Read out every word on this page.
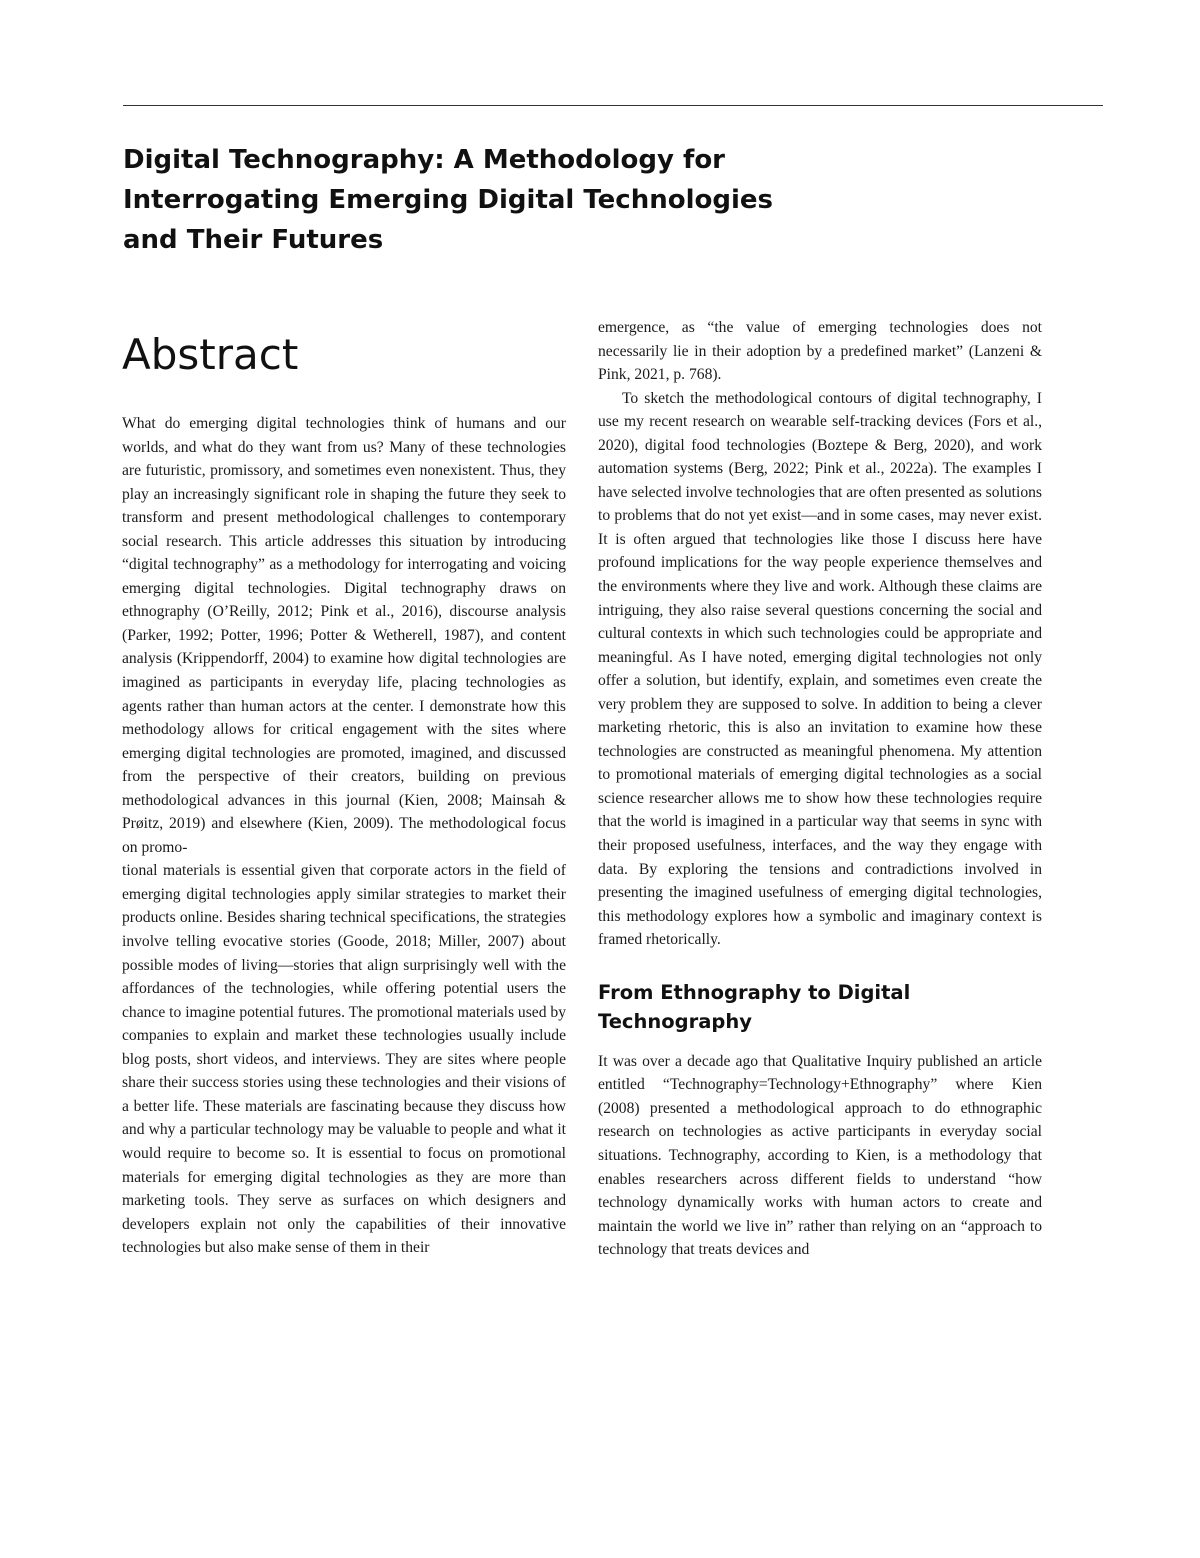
Digital Technography: A Methodology for Interrogating Emerging Digital Technologies and Their Futures
Abstract

What do emerging digital technologies think of humans and our worlds, and what do they want from us? Many of these technologies are futuristic, promissory, and sometimes even nonexistent. Thus, they play an increasingly significant role in shaping the future they seek to transform and present methodological challenges to contemporary social research. This article addresses this situation by introducing “digital technography” as a methodology for interrogating and voicing emerging digital technologies. Digital technography draws on ethnography (O’Reilly, 2012; Pink et al., 2016), discourse analysis (Parker, 1992; Potter, 1996; Potter & Wetherell, 1987), and content analysis (Krippendorff, 2004) to examine how digital technologies are imagined as participants in everyday life, placing technologies as agents rather than human actors at the center. I demonstrate how this methodology allows for critical engagement with the sites where emerging digital technologies are promoted, imagined, and discussed from the perspective of their creators, building on previous methodological advances in this journal (Kien, 2008; Mainsah & Prøitz, 2019) and elsewhere (Kien, 2009). The methodological focus on promo-

tional materials is essential given that corporate actors in the field of emerging digital technologies apply similar strategies to market their products online. Besides sharing technical specifications, the strategies involve telling evocative stories (Goode, 2018; Miller, 2007) about possible modes of living—stories that align surprisingly well with the affordances of the technologies, while offering potential users the chance to imagine potential futures. The promotional materials used by companies to explain and market these technologies usually include blog posts, short videos, and interviews. They are sites where people share their success stories using these technologies and their visions of a better life. These materials are fascinating because they discuss how and why a particular technology may be valuable to people and what it would require to become so. It is essential to focus on promotional materials for emerging digital technologies as they are more than marketing tools. They serve as surfaces on which designers and developers explain not only the capabilities of their innovative technologies but also make sense of them in their

emergence, as “the value of emerging technologies does not necessarily lie in their adoption by a predefined market” (Lanzeni & Pink, 2021, p. 768).

To sketch the methodological contours of digital technography, I use my recent research on wearable self-tracking devices (Fors et al., 2020), digital food technologies (Boztepe & Berg, 2020), and work automation systems (Berg, 2022; Pink et al., 2022a). The examples I have selected involve technologies that are often presented as solutions to problems that do not yet exist—and in some cases, may never exist. It is often argued that technologies like those I discuss here have profound implications for the way people experience themselves and the environments where they live and work. Although these claims are intriguing, they also raise several questions concerning the social and cultural contexts in which such technologies could be appropriate and meaningful. As I have noted, emerging digital technologies not only offer a solution, but identify, explain, and sometimes even create the very problem they are supposed to solve. In addition to being a clever marketing rhetoric, this is also an invitation to examine how these technologies are constructed as meaningful phenomena. My attention to promotional materials of emerging digital technologies as a social science researcher allows me to show how these technologies require that the world is imagined in a particular way that seems in sync with their proposed usefulness, interfaces, and the way they engage with data. By exploring the tensions and contradictions involved in presenting the imagined usefulness of emerging digital technologies, this methodology explores how a symbolic and imaginary context is framed rhetorically.

From Ethnography to Digital Technography

It was over a decade ago that Qualitative Inquiry published an article entitled “Technography=Technology+Ethnography” where Kien (2008) presented a methodological approach to do ethnographic research on technologies as active participants in everyday social situations. Technography, according to Kien, is a methodology that enables researchers across different fields to understand “how technology dynamically works with human actors to create and maintain the world we live in” rather than relying on an “approach to technology that treats devices and
